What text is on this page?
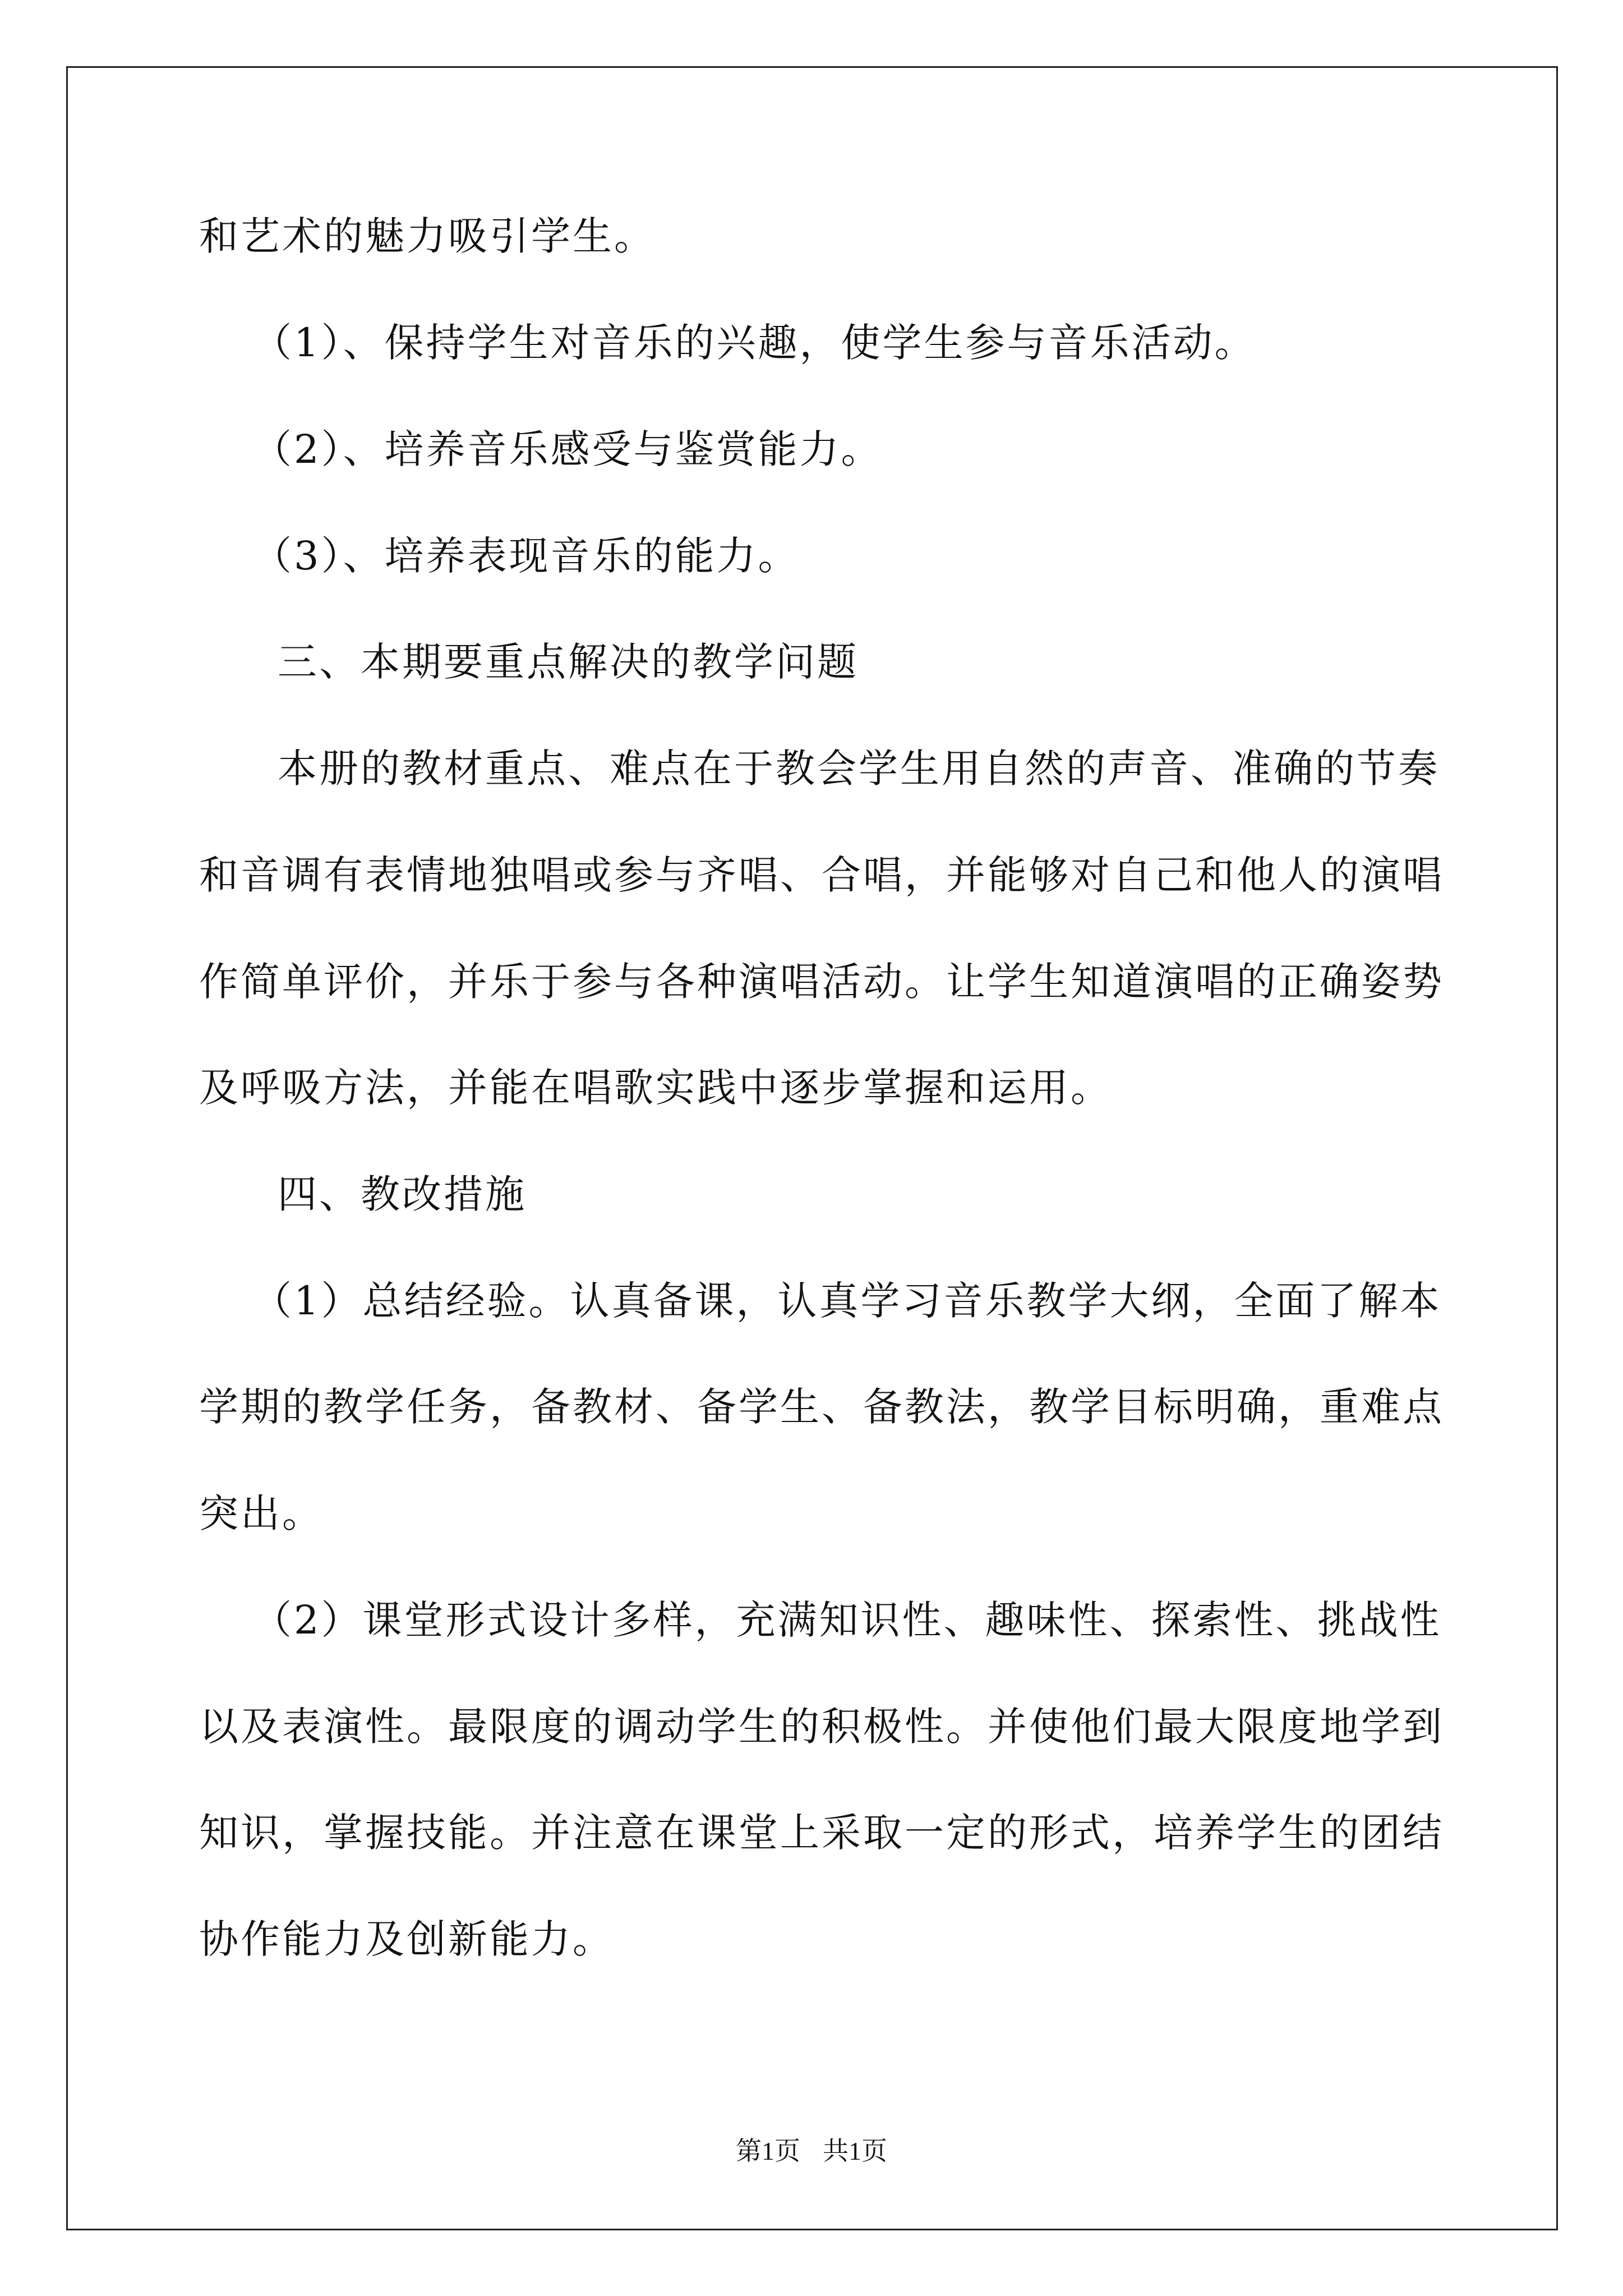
和艺术的魅力吸引学生。
（1）、保持学生对音乐的兴趣，使学生参与音乐活动。
（2）、培养音乐感受与鉴赏能力。
（3）、培养表现音乐的能力。
三、本期要重点解决的教学问题
本册的教材重点、难点在于教会学生用自然的声音、准确的节奏
和音调有表情地独唱或参与齐唱、合唱，并能够对自己和他人的演唱
作简单评价，并乐于参与各种演唱活动。让学生知道演唱的正确姿势
及呼吸方法，并能在唱歌实践中逐步掌握和运用。
四、教改措施
（1）总结经验。认真备课，认真学习音乐教学大纲，全面了解本
学期的教学任务，备教材、备学生、备教法，教学目标明确，重难点
突出。
（2）课堂形式设计多样，充满知识性、趣味性、探索性、挑战性
以及表演性。最限度的调动学生的积极性。并使他们最大限度地学到
知识，掌握技能。并注意在课堂上采取一定的形式，培养学生的团结
协作能力及创新能力。
第1页 共1页
